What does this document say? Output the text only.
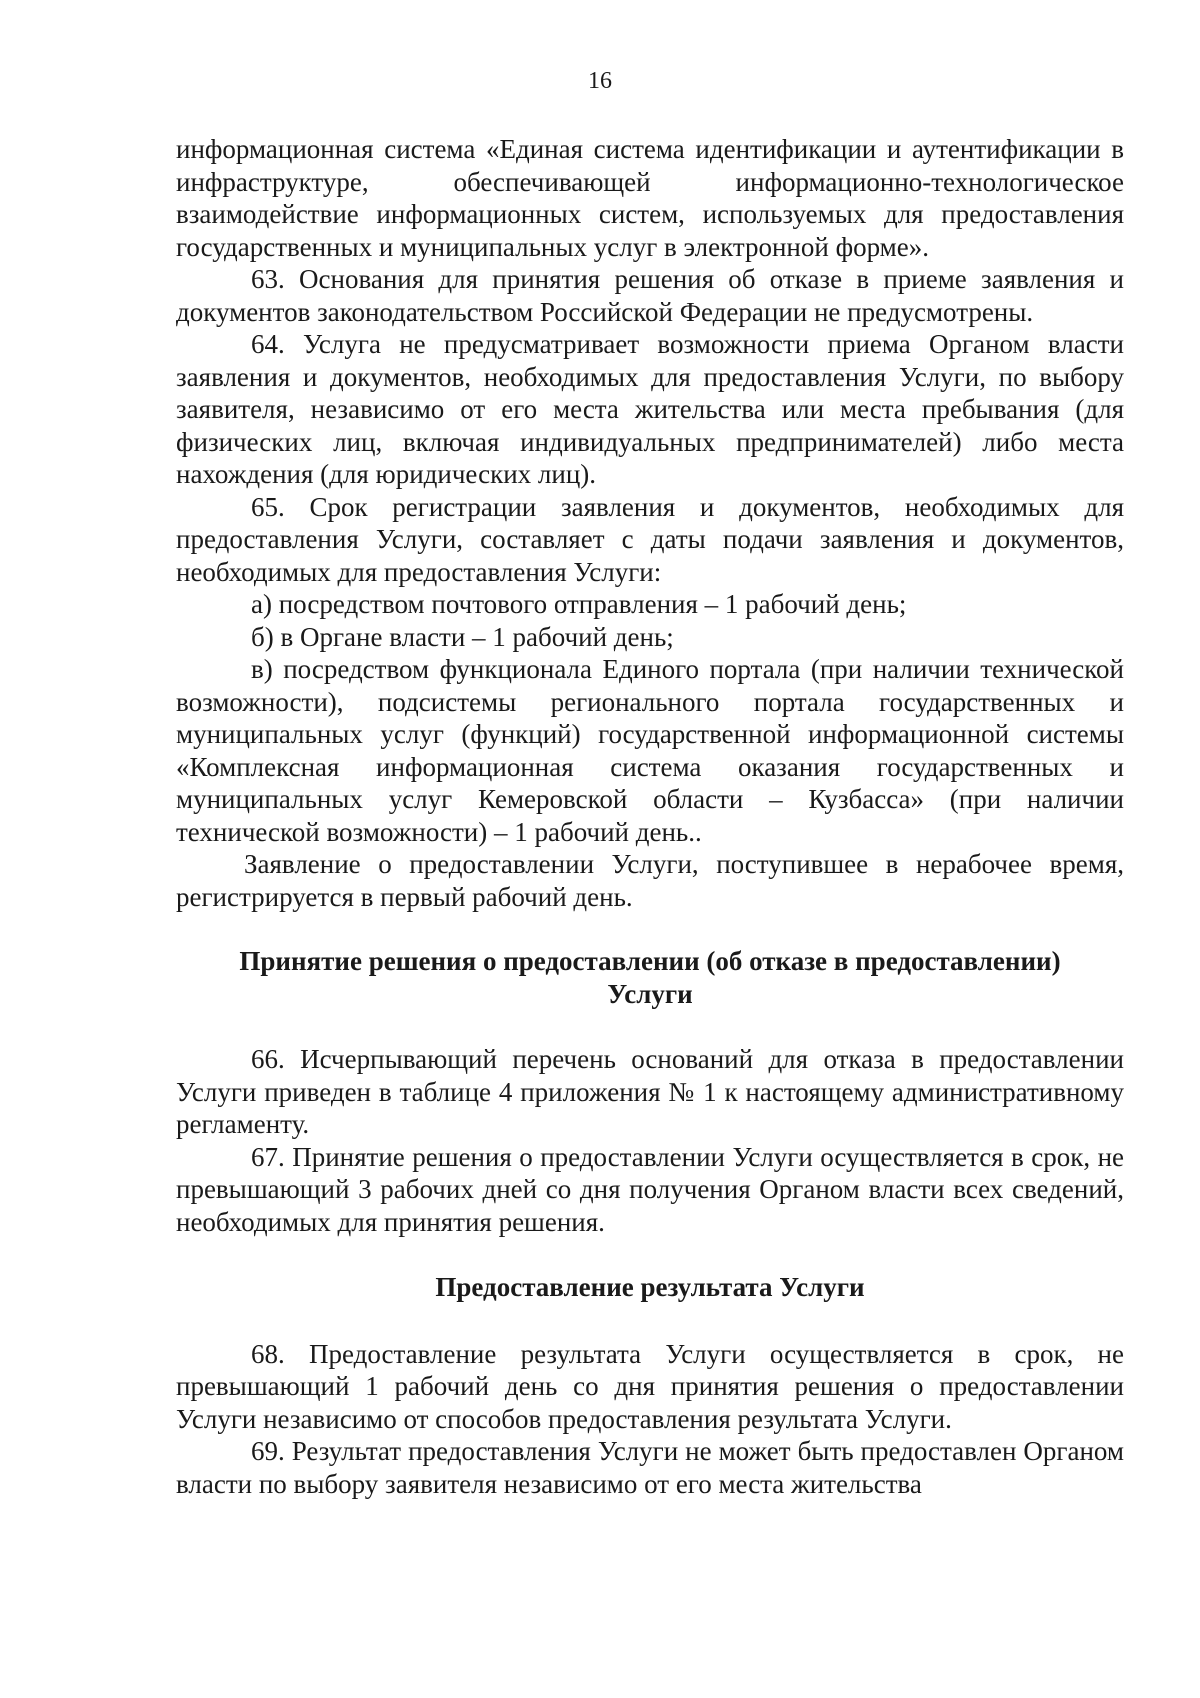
16

информационная система «Единая система идентификации и аутентификации в инфраструктуре, обеспечивающей информационно-технологическое взаимодействие информационных систем, используемых для предоставления государственных и муниципальных услуг в электронной форме».

63. Основания для принятия решения об отказе в приеме заявления и документов законодательством Российской Федерации не предусмотрены.

64. Услуга не предусматривает возможности приема Органом власти заявления и документов, необходимых для предоставления Услуги, по выбору заявителя, независимо от его места жительства или места пребывания (для физических лиц, включая индивидуальных предпринимателей) либо места нахождения (для юридических лиц).

65. Срок регистрации заявления и документов, необходимых для предоставления Услуги, составляет с даты подачи заявления и документов, необходимых для предоставления Услуги:

а) посредством почтового отправления – 1 рабочий день;

б) в Органе власти – 1 рабочий день;

в) посредством функционала Единого портала (при наличии технической возможности), подсистемы регионального портала государственных и муниципальных услуг (функций) государственной информационной системы «Комплексная информационная система оказания государственных и муниципальных услуг Кемеровской области – Кузбасса» (при наличии технической возможности) – 1 рабочий день..

Заявление о предоставлении Услуги, поступившее в нерабочее время, регистрируется в первый рабочий день.

Принятие решения о предоставлении (об отказе в предоставлении)
Услуги

66. Исчерпывающий перечень оснований для отказа в предоставлении Услуги приведен в таблице 4 приложения № 1 к настоящему административному регламенту.

67. Принятие решения о предоставлении Услуги осуществляется в срок, не превышающий 3 рабочих дней со дня получения Органом власти всех сведений, необходимых для принятия решения.

Предоставление результата Услуги

68. Предоставление результата Услуги осуществляется в срок, не превышающий 1 рабочий день со дня принятия решения о предоставлении Услуги независимо от способов предоставления результата Услуги.

69. Результат предоставления Услуги не может быть предоставлен Органом власти по выбору заявителя независимо от его места жительства
